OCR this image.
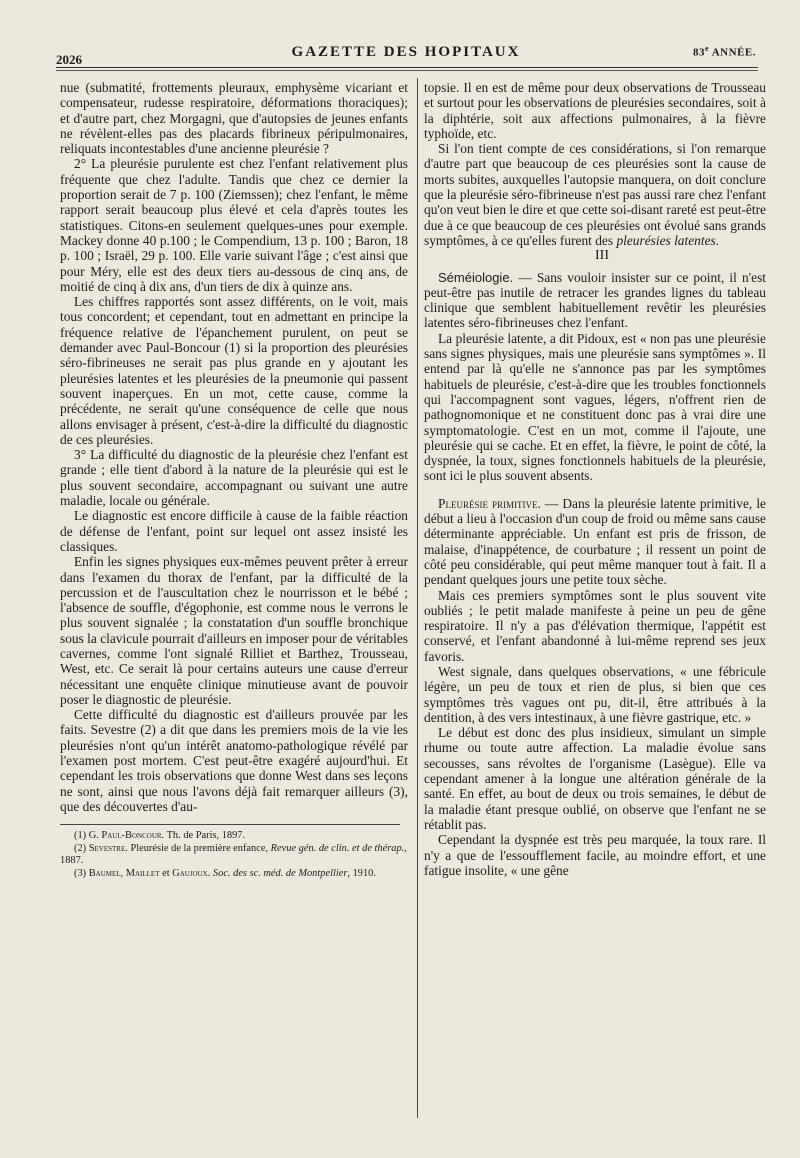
2026	GAZETTE DES HOPITAUX	83e ANNÉE.

nue (submatité, frottements pleuraux, emphysème vicariant et compensateur, rudesse respiratoire, déformations thoraciques); et d'autre part, chez Morgagni, que d'autopsies de jeunes enfants ne révèlent-elles pas des placards fibrineux péripulmonaires, reliquats incontestables d'une ancienne pleurésie ?

2° La pleurésie purulente est chez l'enfant relativement plus fréquente que chez l'adulte. Tandis que chez ce dernier la proportion serait de 7 p. 100 (Ziemssen); chez l'enfant, le même rapport serait beaucoup plus élevé et cela d'après toutes les statistiques. Citons-en seulement quelques-unes pour exemple. Mackey donne 40 p.100 ; le Compendium, 13 p. 100 ; Baron, 18 p. 100 ; Israël, 29 p. 100. Elle varie suivant l'âge ; c'est ainsi que pour Méry, elle est des deux tiers au-dessous de cinq ans, de moitié de cinq à dix ans, d'un tiers de dix à quinze ans.

Les chiffres rapportés sont assez différents, on le voit, mais tous concordent; et cependant, tout en admettant en principe la fréquence relative de l'épanchement purulent, on peut se demander avec Paul-Boncour (1) si la proportion des pleurésies séro-fibrineuses ne serait pas plus grande en y ajoutant les pleurésies latentes et les pleurésies de la pneumonie qui passent souvent inaperçues. En un mot, cette cause, comme la précédente, ne serait qu'une conséquence de celle que nous allons envisager à présent, c'est-à-dire la difficulté du diagnostic de ces pleurésies.

3° La difficulté du diagnostic de la pleurésie chez l'enfant est grande ; elle tient d'abord à la nature de la pleurésie qui est le plus souvent secondaire, accompagnant ou suivant une autre maladie, locale ou générale.

Le diagnostic est encore difficile à cause de la faible réaction de défense de l'enfant, point sur lequel ont assez insisté les classiques.

Enfin les signes physiques eux-mêmes peuvent prêter à erreur dans l'examen du thorax de l'enfant, par la difficulté de la percussion et de l'auscultation chez le nourrisson et le bébé ; l'absence de souffle, d'égophonie, est comme nous le verrons le plus souvent signalée ; la constatation d'un souffle bronchique sous la clavicule pourrait d'ailleurs en imposer pour de véritables cavernes, comme l'ont signalé Rilliet et Barthez, Trousseau, West, etc. Ce serait là pour certains auteurs une cause d'erreur nécessitant une enquête clinique minutieuse avant de pouvoir poser le diagnostic de pleurésie.

Cette difficulté du diagnostic est d'ailleurs prouvée par les faits. Sevestre (2) a dit que dans les premiers mois de la vie les pleurésies n'ont qu'un intérêt anatomo-pathologique révélé par l'examen post mortem. C'est peut-être exagéré aujourd'hui. Et cependant les trois observations que donne West dans ses leçons ne sont, ainsi que nous l'avons déjà fait remarquer ailleurs (3), que des découvertes d'au-

(1) G. Paul-Boncour. Th. de Paris, 1897.

(2) Sevestre. Pleurésie de la première enfance, Revue gén. de clin. et de thérap., 1887.

(3) Baumel, Maillet et Gaujoux. Soc. des sc. méd. de Montpellier, 1910.

topsie. Il en est de même pour deux observations de Trousseau et surtout pour les observations de pleurésies secondaires, soit à la diphtérie, soit aux affections pulmonaires, à la fièvre typhoïde, etc.

Si l'on tient compte de ces considérations, si l'on remarque d'autre part que beaucoup de ces pleurésies sont la cause de morts subites, auxquelles l'autopsie manquera, on doit conclure que la pleurésie séro-fibrineuse n'est pas aussi rare chez l'enfant qu'on veut bien le dire et que cette soi-disant rareté est peut-être due à ce que beaucoup de ces pleurésies ont évolué sans grands symptômes, à ce qu'elles furent des pleurésies latentes.

III

Séméiologie. — Sans vouloir insister sur ce point, il n'est peut-être pas inutile de retracer les grandes lignes du tableau clinique que semblent habituellement revêtir les pleurésies latentes séro-fibrineuses chez l'enfant.

La pleurésie latente, a dit Pidoux, est « non pas une pleurésie sans signes physiques, mais une pleurésie sans symptômes ». Il entend par là qu'elle ne s'annonce pas par les symptômes habituels de pleurésie, c'est-à-dire que les troubles fonctionnels qui l'accompagnent sont vagues, légers, n'offrent rien de pathognomonique et ne constituent donc pas à vrai dire une symptomatologie. C'est en un mot, comme il l'ajoute, une pleurésie qui se cache. Et en effet, la fièvre, le point de côté, la dyspnée, la toux, signes fonctionnels habituels de la pleurésie, sont ici le plus souvent absents.

Pleurésie primitive. — Dans la pleurésie latente primitive, le début a lieu à l'occasion d'un coup de froid ou même sans cause déterminante appréciable. Un enfant est pris de frisson, de malaise, d'inappétence, de courbature ; il ressent un point de côté peu considérable, qui peut même manquer tout à fait. Il a pendant quelques jours une petite toux sèche.

Mais ces premiers symptômes sont le plus souvent vite oubliés ; le petit malade manifeste à peine un peu de gêne respiratoire. Il n'y a pas d'élévation thermique, l'appétit est conservé, et l'enfant abandonné à lui-même reprend ses jeux favoris.

West signale, dans quelques observations, « une fébricule légère, un peu de toux et rien de plus, si bien que ces symptômes très vagues ont pu, dit-il, être attribués à la dentition, à des vers intestinaux, à une fièvre gastrique, etc. »

Le début est donc des plus insidieux, simulant un simple rhume ou toute autre affection. La maladie évolue sans secousses, sans révoltes de l'organisme (Lasègue). Elle va cependant amener à la longue une altération générale de la santé. En effet, au bout de deux ou trois semaines, le début de la maladie étant presque oublié, on observe que l'enfant ne se rétablit pas.

Cependant la dyspnée est très peu marquée, la toux rare. Il n'y a que de l'essoufflement facile, au moindre effort, et une fatigue insolite, « une gêne
